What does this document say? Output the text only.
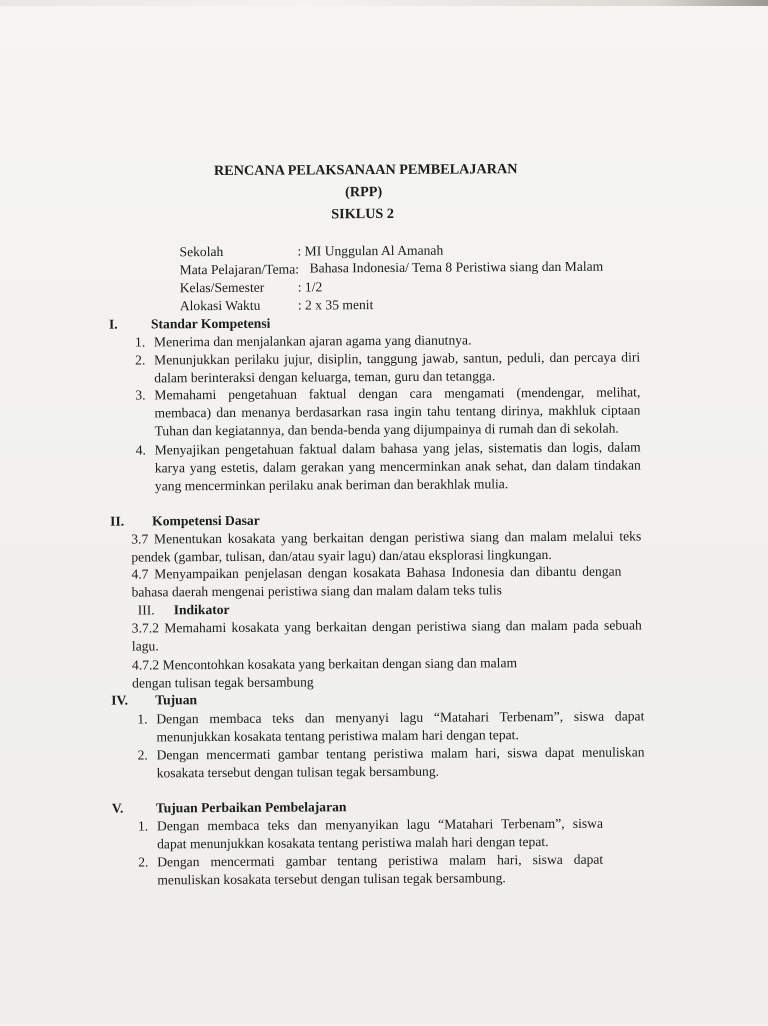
RENCANA PELAKSANAAN PEMBELAJARAN
(RPP)
SIKLUS 2
Sekolah	: MI Unggulan Al Amanah
Mata Pelajaran/Tema: Bahasa Indonesia/ Tema 8 Peristiwa siang dan Malam
Kelas/Semester : 1/2
Alokasi Waktu	: 2 x 35 menit
I. Standar Kompetensi
1. Menerima dan menjalankan ajaran agama yang dianutnya.
2. Menunjukkan perilaku jujur, disiplin, tanggung jawab, santun, peduli, dan percaya diri
dalam berinteraksi dengan keluarga, teman, guru dan tetangga.
3. Memahami pengetahuan faktual dengan cara mengamati (mendengar, melihat,
membaca) dan menanya berdasarkan rasa ingin tahu tentang dirinya, makhluk ciptaan
Tuhan dan kegiatannya, dan benda-benda yang dijumpainya di rumah dan di sekolah.
4. Menyajikan pengetahuan faktual dalam bahasa yang jelas, sistematis dan logis, dalam
karya yang estetis, dalam gerakan yang mencerminkan anak sehat, dan dalam tindakan
yang mencerminkan perilaku anak beriman dan berakhlak mulia.
II. Kompetensi Dasar
3.7 Menentukan kosakata yang berkaitan dengan peristiwa siang dan malam melalui teks
pendek (gambar, tulisan, dan/atau syair lagu) dan/atau eksplorasi lingkungan.
4.7 Menyampaikan penjelasan dengan kosakata Bahasa Indonesia dan dibantu dengan
bahasa daerah mengenai peristiwa siang dan malam dalam teks tulis
III. Indikator
3.7.2 Memahami kosakata yang berkaitan dengan peristiwa siang dan malam pada sebuah
lagu.
4.7.2 Mencontohkan kosakata yang berkaitan dengan siang dan malam
dengan tulisan tegak bersambung
IV. Tujuan
1. Dengan membaca teks dan menyanyi lagu “Matahari Terbenam”, siswa dapat
menunjukkan kosakata tentang peristiwa malam hari dengan tepat.
2. Dengan mencermati gambar tentang peristiwa malam hari, siswa dapat menuliskan
kosakata tersebut dengan tulisan tegak bersambung.
V. Tujuan Perbaikan Pembelajaran
1. Dengan membaca teks dan menyanyikan lagu “Matahari Terbenam”, siswa
dapat menunjukkan kosakata tentang peristiwa malah hari dengan tepat.
2. Dengan mencermati gambar tentang peristiwa malam hari, siswa dapat
menuliskan kosakata tersebut dengan tulisan tegak bersambung.
